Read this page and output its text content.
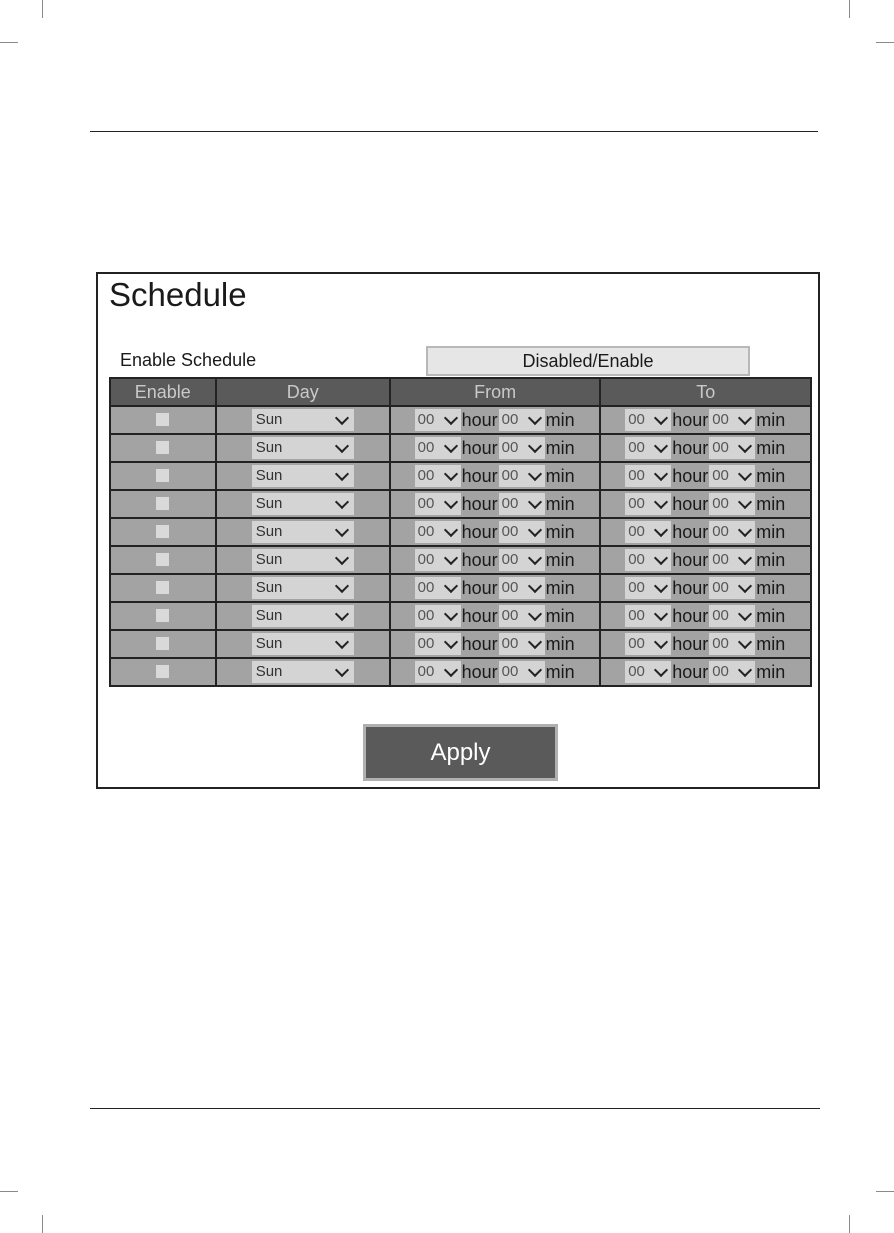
Schedule
Enable Schedule	Disabled/Enable
Enable	Day	From	To
	Sun	00 hour 00 min	00 hour 00 min
	Sun	00 hour 00 min	00 hour 00 min
	Sun	00 hour 00 min	00 hour 00 min
	Sun	00 hour 00 min	00 hour 00 min
	Sun	00 hour 00 min	00 hour 00 min
	Sun	00 hour 00 min	00 hour 00 min
	Sun	00 hour 00 min	00 hour 00 min
	Sun	00 hour 00 min	00 hour 00 min
	Sun	00 hour 00 min	00 hour 00 min
	Sun	00 hour 00 min	00 hour 00 min
Apply
